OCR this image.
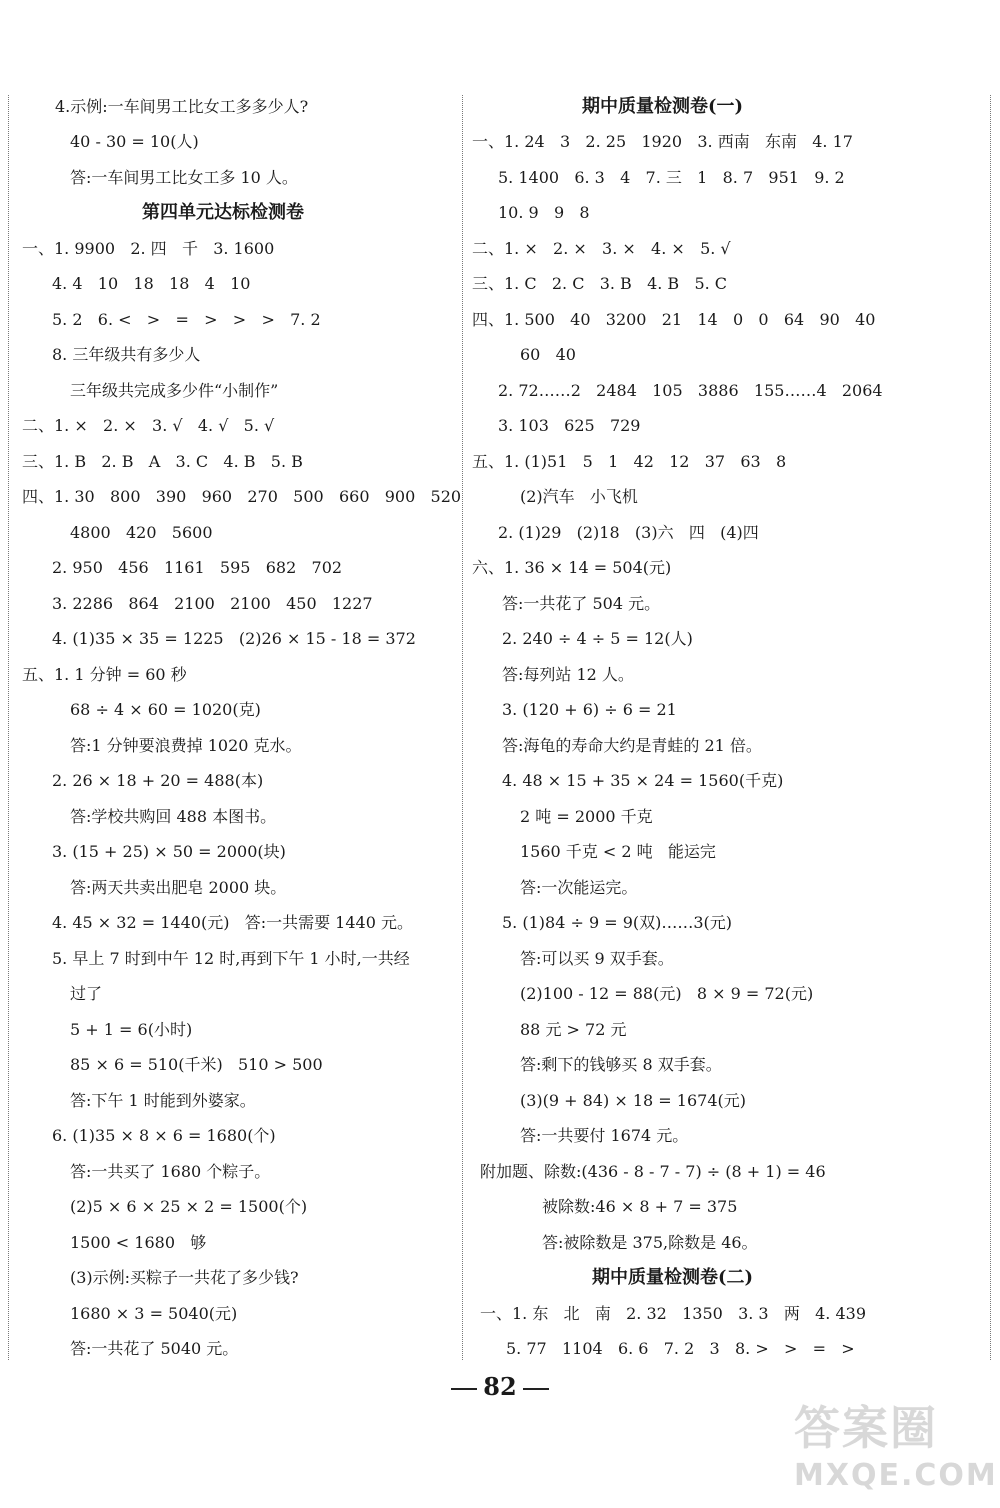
4.示例:一车间男工比女工多多少人?
40 - 30 = 10(人)
答:一车间男工比女工多 10 人。
第四单元达标检测卷
一、1. 9900   2. 四   千   3. 1600
4. 4   10   18   18   4   10
5. 2   6. <   >   =   >   >   >   7. 2
8. 三年级共有多少人
三年级共完成多少件“小制作”
二、1. ×   2. ×   3. √   4. √   5. √
三、1. B   2. B   A   3. C   4. B   5. B
四、1. 30   800   390   960   270   500   660   900   520
4800   420   5600
2. 950   456   1161   595   682   702
3. 2286   864   2100   2100   450   1227
4. (1)35 × 35 = 1225   (2)26 × 15 - 18 = 372
五、1. 1 分钟 = 60 秒
68 ÷ 4 × 60 = 1020(克)
答:1 分钟要浪费掉 1020 克水。
2. 26 × 18 + 20 = 488(本)
答:学校共购回 488 本图书。
3. (15 + 25) × 50 = 2000(块)
答:两天共卖出肥皂 2000 块。
4. 45 × 32 = 1440(元)   答:一共需要 1440 元。
5. 早上 7 时到中午 12 时,再到下午 1 小时,一共经
过了
5 + 1 = 6(小时)
85 × 6 = 510(千米)   510 > 500
答:下午 1 时能到外婆家。
6. (1)35 × 8 × 6 = 1680(个)
答:一共买了 1680 个粽子。
(2)5 × 6 × 25 × 2 = 1500(个)
1500 < 1680   够
(3)示例:买粽子一共花了多少钱?
1680 × 3 = 5040(元)
答:一共花了 5040 元。
期中质量检测卷(一)
一、1. 24   3   2. 25   1920   3. 西南   东南   4. 17
5. 1400   6. 3   4   7. 三   1   8. 7   951   9. 2
10. 9   9   8
二、1. ×   2. ×   3. ×   4. ×   5. √
三、1. C   2. C   3. B   4. B   5. C
四、1. 500   40   3200   21   14   0   0   64   90   40
60   40
2. 72……2   2484   105   3886   155……4   2064
3. 103   625   729
五、1. (1)51   5   1   42   12   37   63   8
(2)汽车   小飞机
2. (1)29   (2)18   (3)六   四   (4)四
六、1. 36 × 14 = 504(元)
答:一共花了 504 元。
2. 240 ÷ 4 ÷ 5 = 12(人)
答:每列站 12 人。
3. (120 + 6) ÷ 6 = 21
答:海龟的寿命大约是青蛙的 21 倍。
4. 48 × 15 + 35 × 24 = 1560(千克)
2 吨 = 2000 千克
1560 千克 < 2 吨   能运完
答:一次能运完。
5. (1)84 ÷ 9 = 9(双)……3(元)
答:可以买 9 双手套。
(2)100 - 12 = 88(元)   8 × 9 = 72(元)
88 元 > 72 元
答:剩下的钱够买 8 双手套。
(3)(9 + 84) × 18 = 1674(元)
答:一共要付 1674 元。
附加题、除数:(436 - 8 - 7 - 7) ÷ (8 + 1) = 46
被除数:46 × 8 + 7 = 375
答:被除数是 375,除数是 46。
期中质量检测卷(二)
一、1. 东   北   南   2. 32   1350   3. 3   两   4. 439
5. 77   1104   6. 6   7. 2   3   8. >   >   =   >
82
答案圈
MXQE.COM
